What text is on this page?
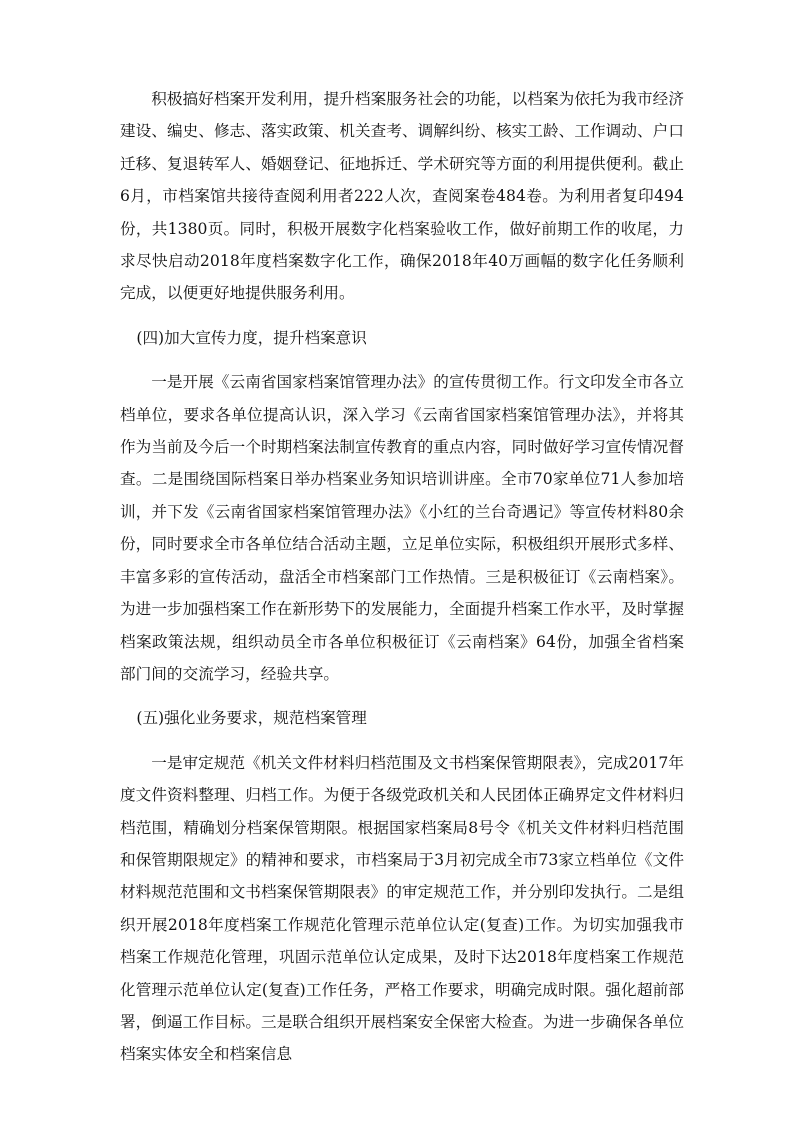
积极搞好档案开发利用，提升档案服务社会的功能，以档案为依托为我市经济建设、编史、修志、落实政策、机关查考、调解纠纷、核实工龄、工作调动、户口迁移、复退转军人、婚姻登记、征地拆迁、学术研究等方面的利用提供便利。截止6月，市档案馆共接待查阅利用者222人次，查阅案卷484卷。为利用者复印494份，共1380页。同时，积极开展数字化档案验收工作，做好前期工作的收尾，力求尽快启动2018年度档案数字化工作，确保2018年40万画幅的数字化任务顺利完成，以便更好地提供服务利用。

(四)加大宣传力度，提升档案意识

一是开展《云南省国家档案馆管理办法》的宣传贯彻工作。行文印发全市各立档单位，要求各单位提高认识，深入学习《云南省国家档案馆管理办法》，并将其作为当前及今后一个时期档案法制宣传教育的重点内容，同时做好学习宣传情况督查。二是围绕国际档案日举办档案业务知识培训讲座。全市70家单位71人参加培训，并下发《云南省国家档案馆管理办法》《小红的兰台奇遇记》等宣传材料80余份，同时要求全市各单位结合活动主题，立足单位实际，积极组织开展形式多样、丰富多彩的宣传活动，盘活全市档案部门工作热情。三是积极征订《云南档案》。为进一步加强档案工作在新形势下的发展能力，全面提升档案工作水平，及时掌握档案政策法规，组织动员全市各单位积极征订《云南档案》64份，加强全省档案部门间的交流学习，经验共享。

(五)强化业务要求，规范档案管理

一是审定规范《机关文件材料归档范围及文书档案保管期限表》，完成2017年度文件资料整理、归档工作。为便于各级党政机关和人民团体正确界定文件材料归档范围，精确划分档案保管期限。根据国家档案局8号令《机关文件材料归档范围和保管期限规定》的精神和要求，市档案局于3月初完成全市73家立档单位《文件材料规范范围和文书档案保管期限表》的审定规范工作，并分别印发执行。二是组织开展2018年度档案工作规范化管理示范单位认定(复查)工作。为切实加强我市档案工作规范化管理，巩固示范单位认定成果，及时下达2018年度档案工作规范化管理示范单位认定(复查)工作任务，严格工作要求，明确完成时限。强化超前部署，倒逼工作目标。三是联合组织开展档案安全保密大检查。为进一步确保各单位档案实体安全和档案信息
